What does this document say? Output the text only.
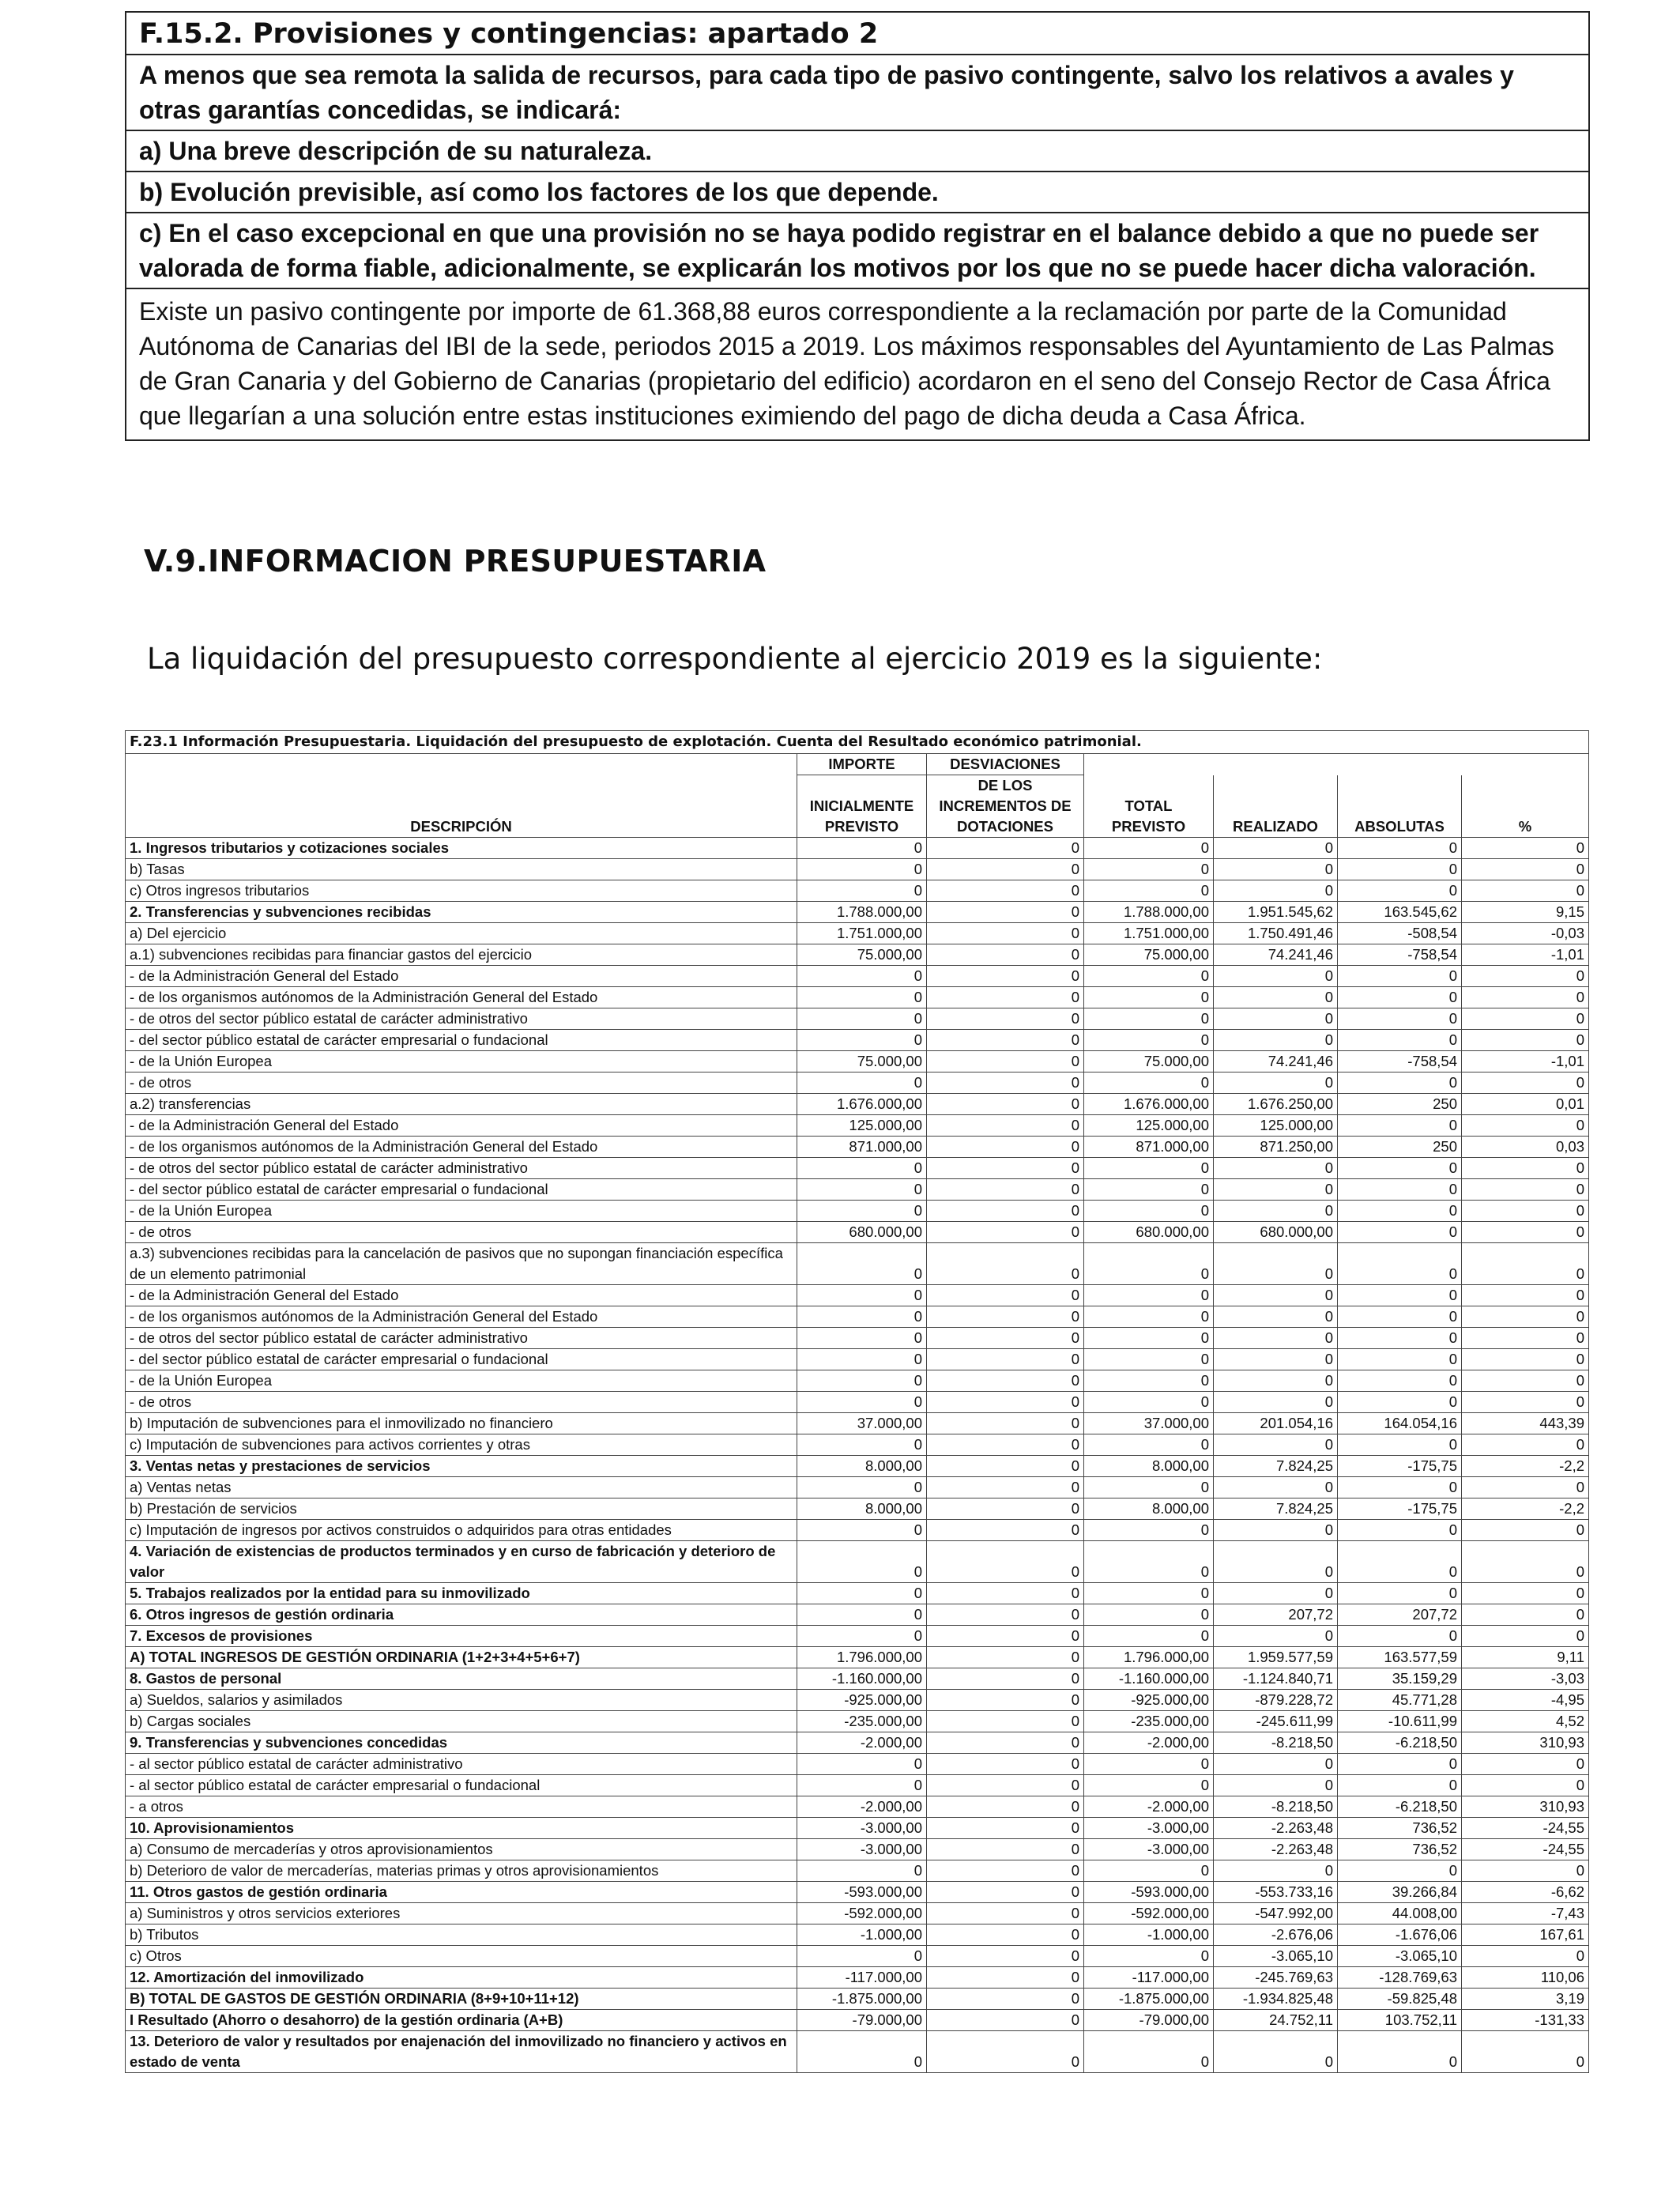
F.15.2. Provisiones y contingencias: apartado 2
A menos que sea remota la salida de recursos, para cada tipo de pasivo contingente, salvo los relativos a avales y otras garantías concedidas, se indicará:
a) Una breve descripción de su naturaleza.
b) Evolución previsible, así como los factores de los que depende.
c) En el caso excepcional en que una provisión no se haya podido registrar en el balance debido a que no puede ser valorada de forma fiable, adicionalmente, se explicarán los motivos por los que no se puede hacer dicha valoración.
Existe un pasivo contingente por importe de 61.368,88 euros correspondiente a la reclamación por parte de la Comunidad Autónoma de Canarias del IBI de la sede, periodos 2015 a 2019. Los máximos responsables del Ayuntamiento de Las Palmas de Gran Canaria y del Gobierno de Canarias (propietario del edificio) acordaron en el seno del Consejo Rector de Casa África que llegarían a una solución entre estas instituciones eximiendo del pago de dicha deuda a Casa África.
V.9.INFORMACION PRESUPUESTARIA
La liquidación del presupuesto correspondiente al ejercicio 2019 es la siguiente:
F.23.1 Información Presupuestaria. Liquidación del presupuesto de explotación. Cuenta del Resultado económico patrimonial.						
	IMPORTE	DESVIACIONES				
DESCRIPCIÓN	INICIALMENTE PREVISTO	DE LOS INCREMENTOS DE DOTACIONES	TOTAL PREVISTO	REALIZADO	ABSOLUTAS	%
1. Ingresos tributarios y cotizaciones sociales	0	0	0	0	0	0
b) Tasas	0	0	0	0	0	0
c) Otros ingresos tributarios	0	0	0	0	0	0
2. Transferencias y subvenciones recibidas	1.788.000,00	0	1.788.000,00	1.951.545,62	163.545,62	9,15
a) Del ejercicio	1.751.000,00	0	1.751.000,00	1.750.491,46	-508,54	-0,03
a.1) subvenciones recibidas para financiar gastos del ejercicio	75.000,00	0	75.000,00	74.241,46	-758,54	-1,01
- de la Administración General del Estado	0	0	0	0	0	0
- de los organismos autónomos de la Administración General del Estado	0	0	0	0	0	0
- de otros del sector público estatal de carácter administrativo	0	0	0	0	0	0
- del sector público estatal de carácter empresarial o fundacional	0	0	0	0	0	0
- de la Unión Europea	75.000,00	0	75.000,00	74.241,46	-758,54	-1,01
- de otros	0	0	0	0	0	0
a.2) transferencias	1.676.000,00	0	1.676.000,00	1.676.250,00	250	0,01
- de la Administración General del Estado	125.000,00	0	125.000,00	125.000,00	0	0
- de los organismos autónomos de la Administración General del Estado	871.000,00	0	871.000,00	871.250,00	250	0,03
- de otros del sector público estatal de carácter administrativo	0	0	0	0	0	0
- del sector público estatal de carácter empresarial o fundacional	0	0	0	0	0	0
- de la Unión Europea	0	0	0	0	0	0
- de otros	680.000,00	0	680.000,00	680.000,00	0	0
a.3) subvenciones recibidas para la cancelación de pasivos que no supongan financiación específica de un elemento patrimonial	0	0	0	0	0	0
- de la Administración General del Estado	0	0	0	0	0	0
- de los organismos autónomos de la Administración General del Estado	0	0	0	0	0	0
- de otros del sector público estatal de carácter administrativo	0	0	0	0	0	0
- del sector público estatal de carácter empresarial o fundacional	0	0	0	0	0	0
- de la Unión Europea	0	0	0	0	0	0
- de otros	0	0	0	0	0	0
b) Imputación de subvenciones para el inmovilizado no financiero	37.000,00	0	37.000,00	201.054,16	164.054,16	443,39
c) Imputación de subvenciones para activos corrientes y otras	0	0	0	0	0	0
3. Ventas netas y prestaciones de servicios	8.000,00	0	8.000,00	7.824,25	-175,75	-2,2
a) Ventas netas	0	0	0	0	0	0
b) Prestación de servicios	8.000,00	0	8.000,00	7.824,25	-175,75	-2,2
c) Imputación de ingresos por activos construidos o adquiridos para otras entidades	0	0	0	0	0	0
4. Variación de existencias de productos terminados y en curso de fabricación y deterioro de valor	0	0	0	0	0	0
5. Trabajos realizados por la entidad para su inmovilizado	0	0	0	0	0	0
6. Otros ingresos de gestión ordinaria	0	0	0	207,72	207,72	0
7. Excesos de provisiones	0	0	0	0	0	0
A) TOTAL INGRESOS DE GESTIÓN ORDINARIA (1+2+3+4+5+6+7)	1.796.000,00	0	1.796.000,00	1.959.577,59	163.577,59	9,11
8. Gastos de personal	-1.160.000,00	0	-1.160.000,00	-1.124.840,71	35.159,29	-3,03
a) Sueldos, salarios y asimilados	-925.000,00	0	-925.000,00	-879.228,72	45.771,28	-4,95
b) Cargas sociales	-235.000,00	0	-235.000,00	-245.611,99	-10.611,99	4,52
9. Transferencias y subvenciones concedidas	-2.000,00	0	-2.000,00	-8.218,50	-6.218,50	310,93
- al sector público estatal de carácter administrativo	0	0	0	0	0	0
- al sector público estatal de carácter empresarial o fundacional	0	0	0	0	0	0
- a otros	-2.000,00	0	-2.000,00	-8.218,50	-6.218,50	310,93
10. Aprovisionamientos	-3.000,00	0	-3.000,00	-2.263,48	736,52	-24,55
a) Consumo de mercaderías y otros aprovisionamientos	-3.000,00	0	-3.000,00	-2.263,48	736,52	-24,55
b) Deterioro de valor de mercaderías, materias primas y otros aprovisionamientos	0	0	0	0	0	0
11. Otros gastos de gestión ordinaria	-593.000,00	0	-593.000,00	-553.733,16	39.266,84	-6,62
a) Suministros y otros servicios exteriores	-592.000,00	0	-592.000,00	-547.992,00	44.008,00	-7,43
b) Tributos	-1.000,00	0	-1.000,00	-2.676,06	-1.676,06	167,61
c) Otros	0	0	0	-3.065,10	-3.065,10	0
12. Amortización del inmovilizado	-117.000,00	0	-117.000,00	-245.769,63	-128.769,63	110,06
B) TOTAL DE GASTOS DE GESTIÓN ORDINARIA (8+9+10+11+12)	-1.875.000,00	0	-1.875.000,00	-1.934.825,48	-59.825,48	3,19
I Resultado (Ahorro o desahorro) de la gestión ordinaria (A+B)	-79.000,00	0	-79.000,00	24.752,11	103.752,11	-131,33
13. Deterioro de valor y resultados por enajenación del inmovilizado no financiero y activos en estado de venta	0	0	0	0	0	0
